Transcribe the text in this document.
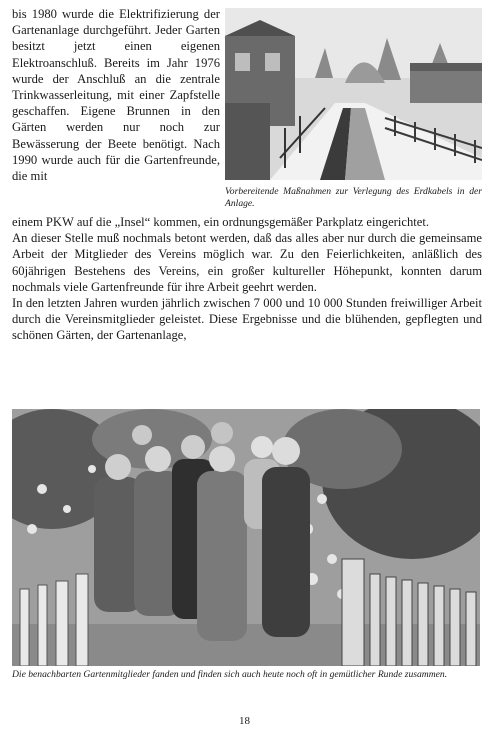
bis 1980 wurde die Elektrifizierung der Gartenanlage durchgeführt. Jeder Garten besitzt jetzt einen eigenen Elektroanschluß. Bereits im Jahr 1976 wurde der Anschluß an die zentrale Trinkwasserleitung, mit einer Zapfstelle geschaffen. Eigene Brunnen in den Gärten werden nur noch zur Bewässerung der Beete benötigt. Nach 1990 wurde auch für die Gartenfreunde, die mit

Vorbereitende Maßnahmen zur Verlegung des Erdkabels in der Anlage.

einem PKW auf die „Insel“ kommen, ein ordnungsgemäßer Parkplatz eingerichtet.

An dieser Stelle muß nochmals betont werden, daß das alles aber nur durch die gemeinsame Arbeit der Mitglieder des Vereins möglich war. Zu den Feierlichkeiten, anläßlich des 60jährigen Bestehens des Vereins, ein großer kultureller Höhepunkt, konnten darum nochmals viele Gartenfreunde für ihre Arbeit geehrt werden.

In den letzten Jahren wurden jährlich zwischen 7 000 und 10 000 Stunden freiwilliger Arbeit durch die Vereinsmitglieder geleistet. Diese Ergebnisse und die blühenden, gepflegten und schönen Gärten, der Gartenanlage,

Die benachbarten Gartenmitglieder fanden und finden sich auch heute noch oft in gemütlicher Runde zusammen.
18
